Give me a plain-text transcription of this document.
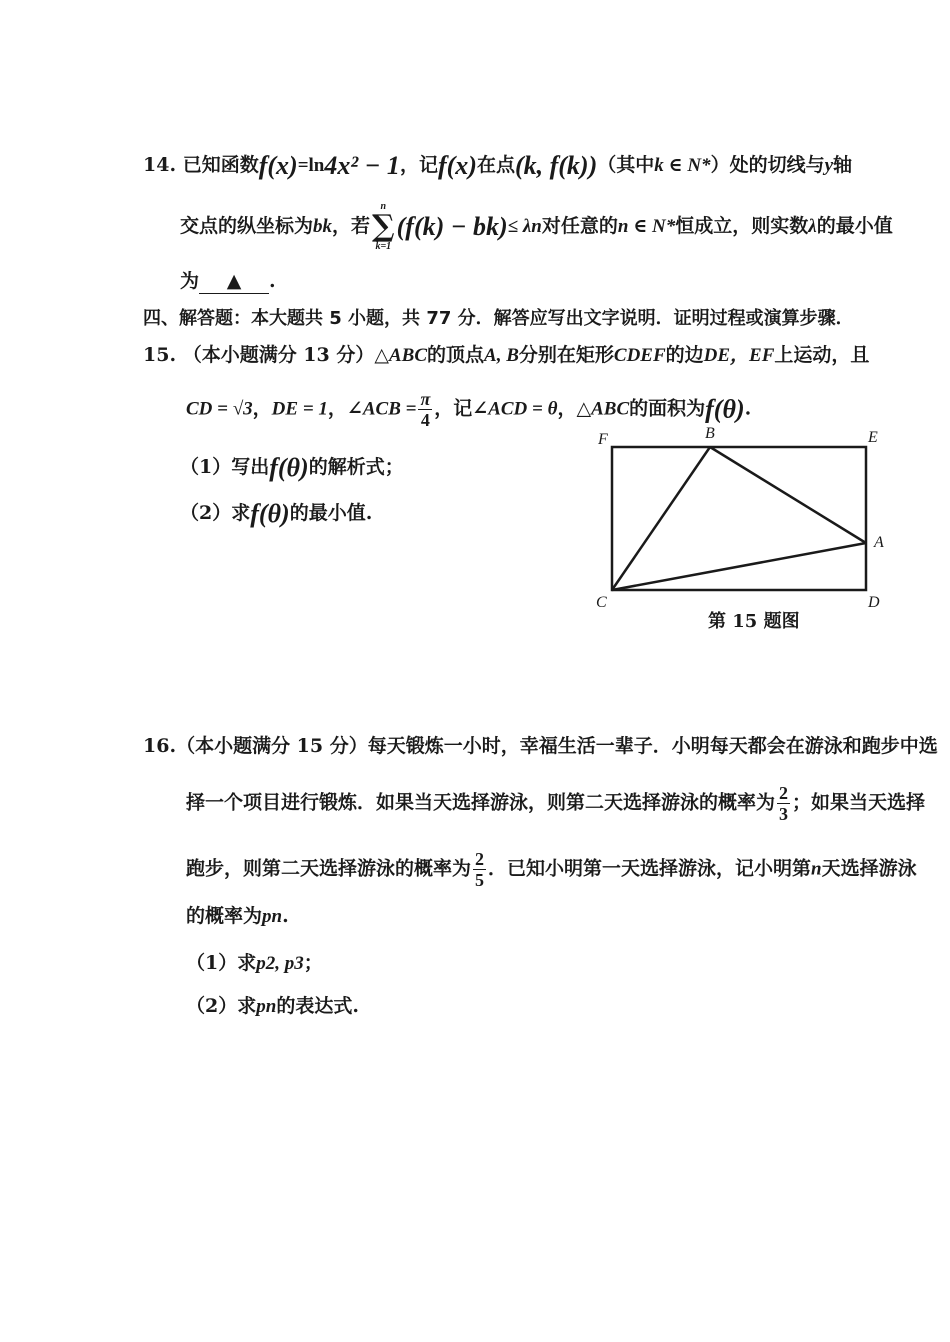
14. 已知函数f(x)=ln4x² − 1，记f(x)在点(k, f(k))（其中k ∈ N*）处的切线与y轴
交点的纵坐标为bk，若
n
∑
k=1
(f(k) − bk)≤ λn对任意的n ∈ N*恒成立，则实数λ的最小值
为 ▲ .
四、解答题：本大题共 5 小题，共 77 分．解答应写出文字说明．证明过程或演算步骤．
15. （本小题满分 13 分）△ABC的顶点A, B分别在矩形CDEF的边DE，EF上运动，且
CD = √3，DE = 1，∠ACB = $\frac{\pi}{4}$ ，记∠ACD = θ，△ABC的面积为f(θ).
（1）写出f(θ)的解析式；
（2）求f(θ)的最小值.
F	B	E
A
C	D
第 15 题图
16.（本小题满分 15 分）每天锻炼一小时，幸福生活一辈子．小明每天都会在游泳和跑步中选
择一个项目进行锻炼．如果当天选择游泳，则第二天选择游泳的概率为 $\frac{2}{3}$ ；如果当天选择
跑步，则第二天选择游泳的概率为 $\frac{2}{5}$ ．已知小明第一天选择游泳，记小明第n天选择游泳
的概率为pn.
（1）求p2, p3；
（2）求pn的表达式.
